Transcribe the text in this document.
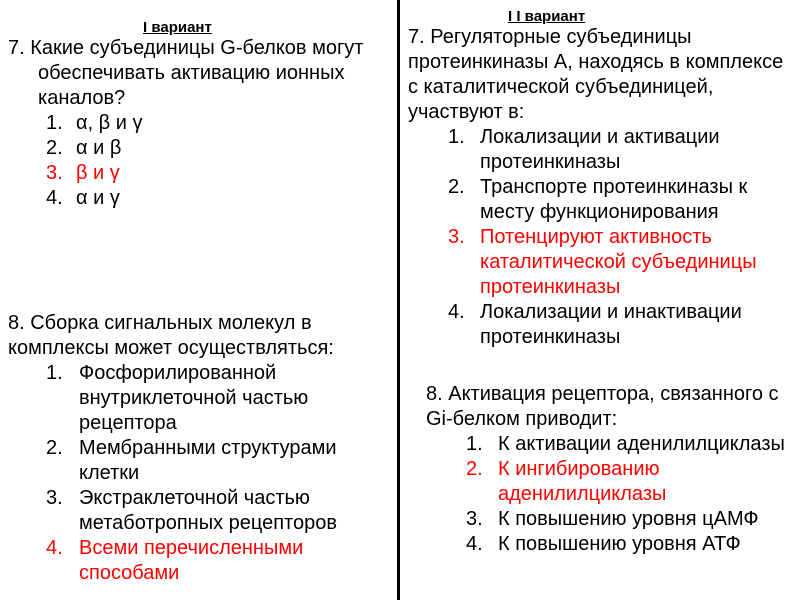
I вариант

7. Какие субъединицы G-белков могут обеспечивать активацию ионных каналов?

1. α, β и γ
2. α и β
3. β и γ
4. α и γ

8. Сборка сигнальных молекул в комплексы может осуществляться:

1. Фосфорилированной внутриклеточной частью рецептора
2. Мембранными структурами клетки
3. Экстраклеточной частью метаботропных рецепторов
4. Всеми перечисленными способами
I I вариант

7. Регуляторные субъединицы протеинкиназы А, находясь в комплексе с каталитической субъединицей, участвуют в:

1. Локализации и активации протеинкиназы
2. Транспорте протеинкиназы к месту функционирования
3. Потенцируют активность каталитической субъединицы протеинкиназы
4. Локализации и инактивации протеинкиназы

8. Активация рецептора, связанного с Gi-белком приводит:

1. К активации аденилилциклазы
2. К ингибированию аденилилциклазы
3. К повышению уровня цАМФ
4. К повышению уровня АТФ
